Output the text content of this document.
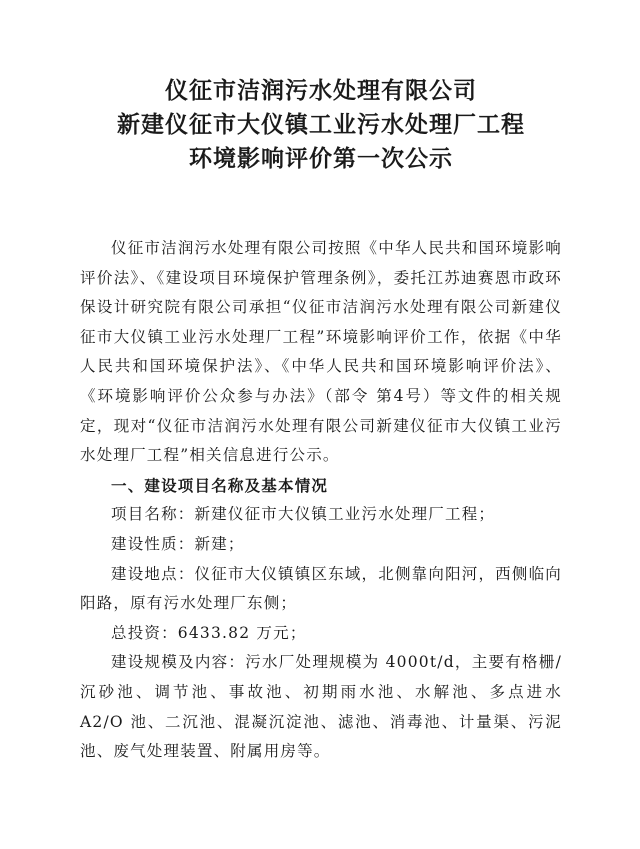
仪征市洁润污水处理有限公司
新建仪征市大仪镇工业污水处理厂工程
环境影响评价第一次公示

仪征市洁润污水处理有限公司按照《中华人民共和国环境影响评价法》、《建设项目环境保护管理条例》，委托江苏迪赛恩市政环保设计研究院有限公司承担“仪征市洁润污水处理有限公司新建仪征市大仪镇工业污水处理厂工程”环境影响评价工作，依据《中华人民共和国环境保护法》、《中华人民共和国环境影响评价法》、《环境影响评价公众参与办法》（部令 第4号）等文件的相关规定，现对“仪征市洁润污水处理有限公司新建仪征市大仪镇工业污水处理厂工程”相关信息进行公示。

一、建设项目名称及基本情况

项目名称：新建仪征市大仪镇工业污水处理厂工程；

建设性质：新建；

建设地点：仪征市大仪镇镇区东域，北侧靠向阳河，西侧临向阳路，原有污水处理厂东侧；

总投资：6433.82 万元；

建设规模及内容：污水厂处理规模为 4000t/d，主要有格栅/沉砂池、调节池、事故池、初期雨水池、水解池、多点进水 A2/O 池、二沉池、混凝沉淀池、滤池、消毒池、计量渠、污泥池、废气处理装置、附属用房等。
